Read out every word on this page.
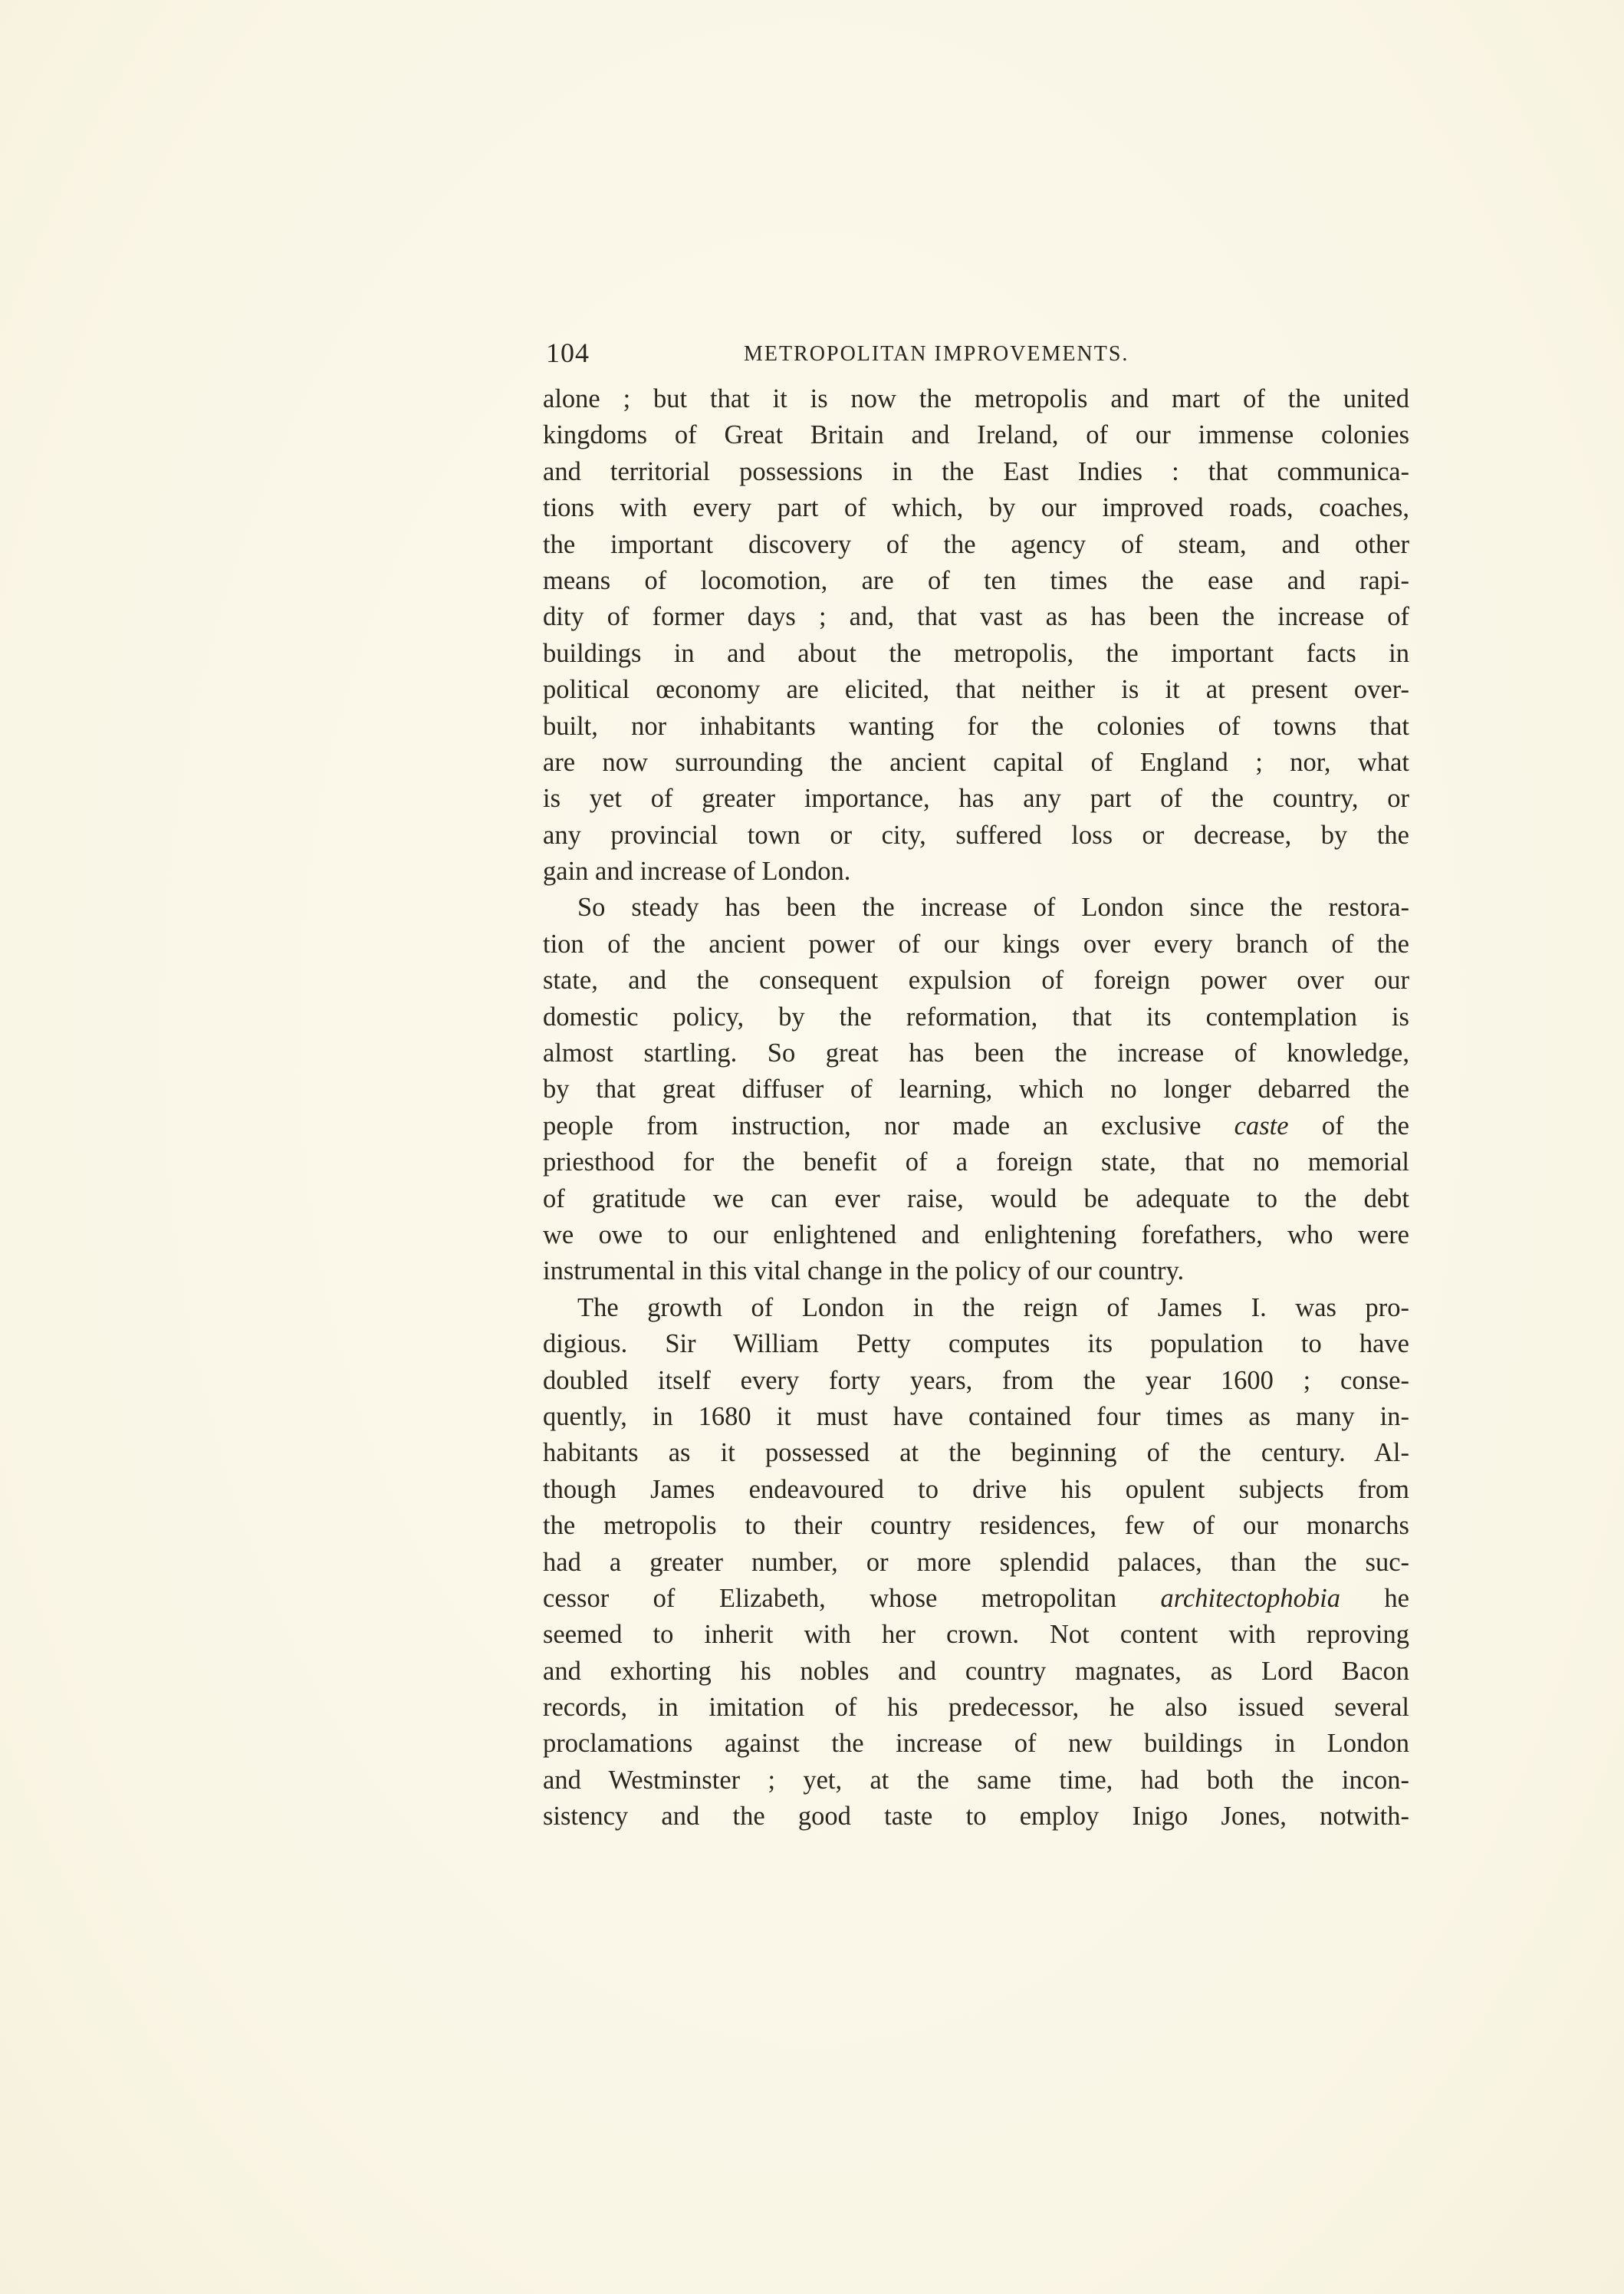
104	METROPOLITAN IMPROVEMENTS.
alone ; but that it is now the metropolis and mart of the united
kingdoms of Great Britain and Ireland, of our immense colonies
and territorial possessions in the East Indies : that communica-
tions with every part of which, by our improved roads, coaches,
the important discovery of the agency of steam, and other
means of locomotion, are of ten times the ease and rapi-
dity of former days ; and, that vast as has been the increase of
buildings in and about the metropolis, the important facts in
political œconomy are elicited, that neither is it at present over-
built, nor inhabitants wanting for the colonies of towns that
are now surrounding the ancient capital of England ; nor, what
is yet of greater importance, has any part of the country, or
any provincial town or city, suffered loss or decrease, by the
gain and increase of London.
So steady has been the increase of London since the restora-
tion of the ancient power of our kings over every branch of the
state, and the consequent expulsion of foreign power over our
domestic policy, by the reformation, that its contemplation is
almost startling. So great has been the increase of knowledge,
by that great diffuser of learning, which no longer debarred the
people from instruction, nor made an exclusive caste of the
priesthood for the benefit of a foreign state, that no memorial
of gratitude we can ever raise, would be adequate to the debt
we owe to our enlightened and enlightening forefathers, who were
instrumental in this vital change in the policy of our country.
The growth of London in the reign of James I. was pro-
digious. Sir William Petty computes its population to have
doubled itself every forty years, from the year 1600 ; conse-
quently, in 1680 it must have contained four times as many in-
habitants as it possessed at the beginning of the century. Al-
though James endeavoured to drive his opulent subjects from
the metropolis to their country residences, few of our monarchs
had a greater number, or more splendid palaces, than the suc-
cessor of Elizabeth, whose metropolitan architectophobia he
seemed to inherit with her crown. Not content with reproving
and exhorting his nobles and country magnates, as Lord Bacon
records, in imitation of his predecessor, he also issued several
proclamations against the increase of new buildings in London
and Westminster ; yet, at the same time, had both the incon-
sistency and the good taste to employ Inigo Jones, notwith-
